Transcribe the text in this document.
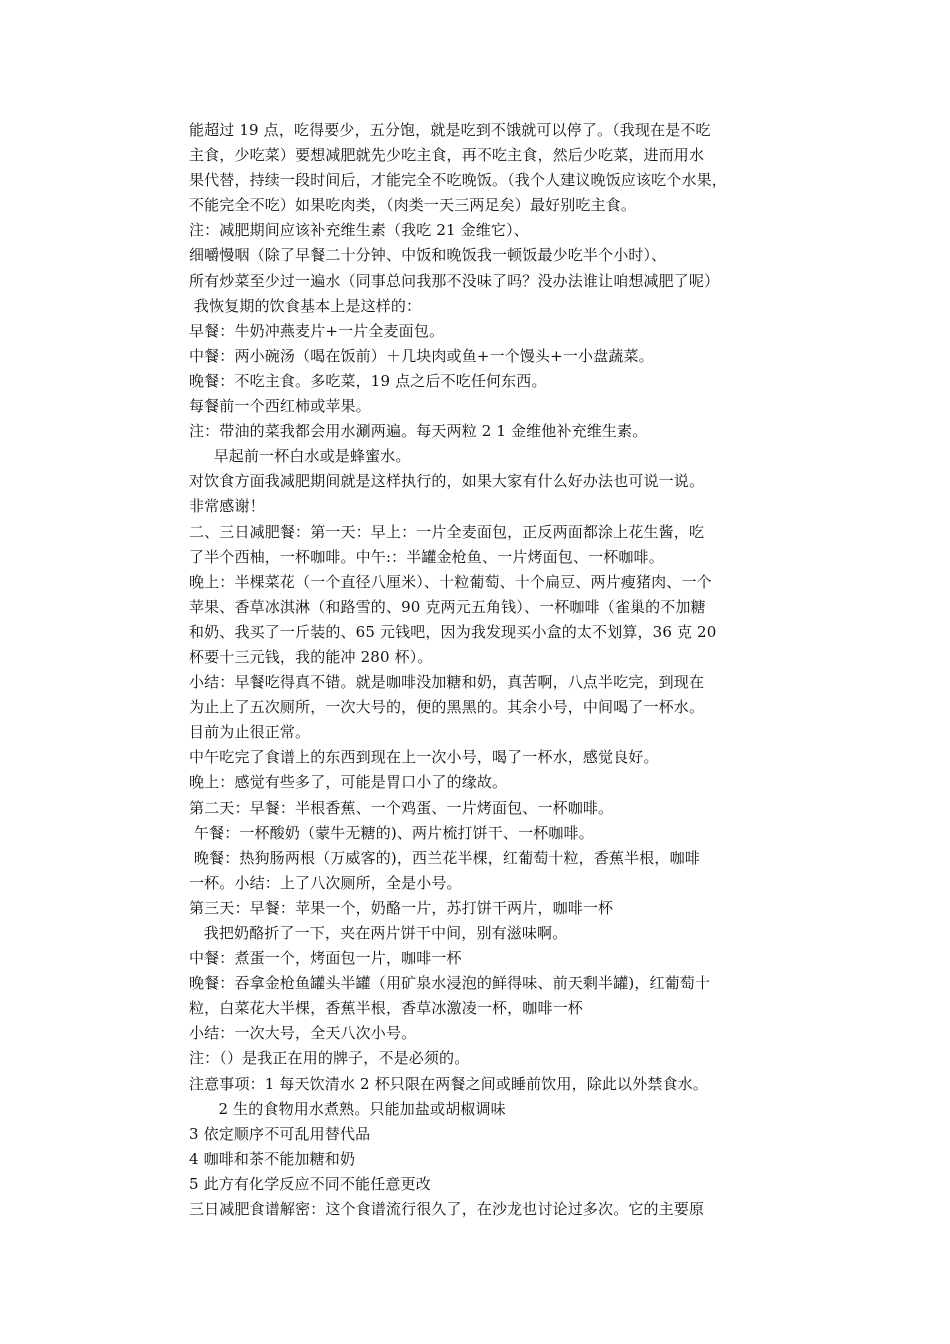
能超过 19 点，吃得要少，五分饱，就是吃到不饿就可以停了。（我现在是不吃
主食，少吃菜）要想减肥就先少吃主食，再不吃主食，然后少吃菜，进而用水
果代替，持续一段时间后，才能完全不吃晚饭。（我个人建议晚饭应该吃个水果，
不能完全不吃）如果吃肉类，（肉类一天三两足矣）最好别吃主食。
注：减肥期间应该补充维生素（我吃 21 金维它）、
细嚼慢咽（除了早餐二十分钟、中饭和晚饭我一顿饭最少吃半个小时）、
所有炒菜至少过一遍水（同事总问我那不没味了吗？没办法谁让咱想减肥了呢）
我恢复期的饮食基本上是这样的：
早餐：牛奶冲燕麦片+一片全麦面包。
中餐：两小碗汤（喝在饭前）＋几块肉或鱼+一个馒头+一小盘蔬菜。
晚餐：不吃主食。多吃菜，19 点之后不吃任何东西。
每餐前一个西红柿或苹果。
注：带油的菜我都会用水涮两遍。每天两粒 2 1 金维他补充维生素。
早起前一杯白水或是蜂蜜水。
对饮食方面我减肥期间就是这样执行的，如果大家有什么好办法也可说一说。
非常感谢！
二、三日减肥餐：第一天：早上：一片全麦面包，正反两面都涂上花生酱，吃
了半个西柚，一杯咖啡。中午:：半罐金枪鱼、一片烤面包、一杯咖啡。
晚上：半棵菜花（一个直径八厘米）、十粒葡萄、十个扁豆、两片瘦猪肉、一个
苹果、香草冰淇淋（和路雪的、90 克两元五角钱）、一杯咖啡（雀巢的不加糖
和奶、我买了一斤装的、65 元钱吧，因为我发现买小盒的太不划算，36 克 20
杯要十三元钱，我的能冲 280 杯）。
小结：早餐吃得真不错。就是咖啡没加糖和奶，真苦啊，八点半吃完，到现在
为止上了五次厕所，一次大号的，便的黑黑的。其余小号，中间喝了一杯水。
目前为止很正常。
中午吃完了食谱上的东西到现在上一次小号，喝了一杯水，感觉良好。
晚上：感觉有些多了，可能是胃口小了的缘故。
第二天：早餐：半根香蕉、一个鸡蛋、一片烤面包、一杯咖啡。
午餐：一杯酸奶（蒙牛无糖的)、两片梳打饼干、一杯咖啡。
晚餐：热狗肠两根（万威客的)，西兰花半棵，红葡萄十粒，香蕉半根，咖啡
一杯。小结：上了八次厕所，全是小号。
第三天：早餐：苹果一个，奶酪一片，苏打饼干两片，咖啡一杯
我把奶酪折了一下，夹在两片饼干中间，别有滋味啊。
中餐：煮蛋一个，烤面包一片，咖啡一杯
晚餐：吞拿金枪鱼罐头半罐（用矿泉水浸泡的鲜得味、前天剩半罐)，红葡萄十
粒，白菜花大半棵，香蕉半根，香草冰激凌一杯，咖啡一杯
小结：一次大号，全天八次小号。
注：（）是我正在用的牌子，不是必须的。
注意事项：1 每天饮清水 2 杯只限在两餐之间或睡前饮用，除此以外禁食水。
2 生的食物用水煮熟。只能加盐或胡椒调味
3 依定顺序不可乱用替代品
4 咖啡和茶不能加糖和奶
5 此方有化学反应不同不能任意更改
三日减肥食谱解密：这个食谱流行很久了，在沙龙也讨论过多次。它的主要原
